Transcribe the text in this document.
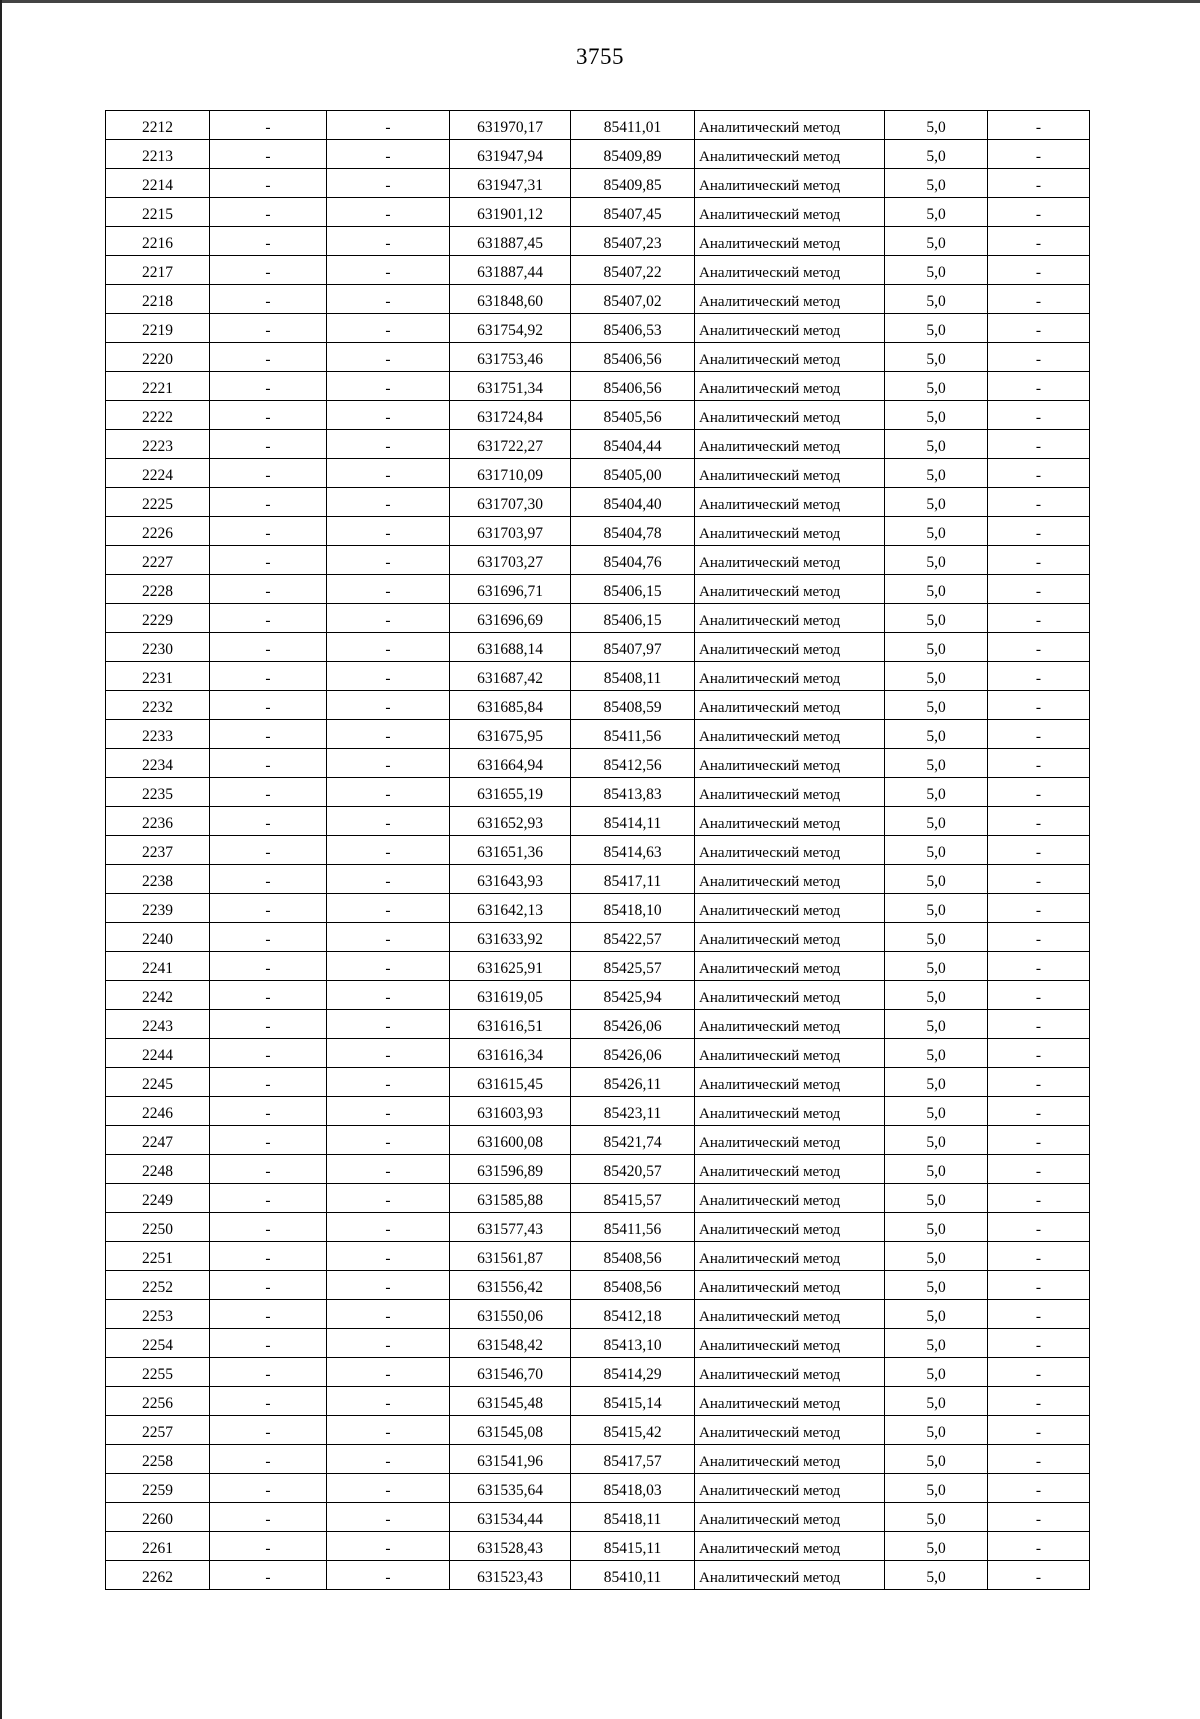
3755
2212	-	-	631970,17	85411,01	Аналитический метод	5,0	-
2213	-	-	631947,94	85409,89	Аналитический метод	5,0	-
2214	-	-	631947,31	85409,85	Аналитический метод	5,0	-
2215	-	-	631901,12	85407,45	Аналитический метод	5,0	-
2216	-	-	631887,45	85407,23	Аналитический метод	5,0	-
2217	-	-	631887,44	85407,22	Аналитический метод	5,0	-
2218	-	-	631848,60	85407,02	Аналитический метод	5,0	-
2219	-	-	631754,92	85406,53	Аналитический метод	5,0	-
2220	-	-	631753,46	85406,56	Аналитический метод	5,0	-
2221	-	-	631751,34	85406,56	Аналитический метод	5,0	-
2222	-	-	631724,84	85405,56	Аналитический метод	5,0	-
2223	-	-	631722,27	85404,44	Аналитический метод	5,0	-
2224	-	-	631710,09	85405,00	Аналитический метод	5,0	-
2225	-	-	631707,30	85404,40	Аналитический метод	5,0	-
2226	-	-	631703,97	85404,78	Аналитический метод	5,0	-
2227	-	-	631703,27	85404,76	Аналитический метод	5,0	-
2228	-	-	631696,71	85406,15	Аналитический метод	5,0	-
2229	-	-	631696,69	85406,15	Аналитический метод	5,0	-
2230	-	-	631688,14	85407,97	Аналитический метод	5,0	-
2231	-	-	631687,42	85408,11	Аналитический метод	5,0	-
2232	-	-	631685,84	85408,59	Аналитический метод	5,0	-
2233	-	-	631675,95	85411,56	Аналитический метод	5,0	-
2234	-	-	631664,94	85412,56	Аналитический метод	5,0	-
2235	-	-	631655,19	85413,83	Аналитический метод	5,0	-
2236	-	-	631652,93	85414,11	Аналитический метод	5,0	-
2237	-	-	631651,36	85414,63	Аналитический метод	5,0	-
2238	-	-	631643,93	85417,11	Аналитический метод	5,0	-
2239	-	-	631642,13	85418,10	Аналитический метод	5,0	-
2240	-	-	631633,92	85422,57	Аналитический метод	5,0	-
2241	-	-	631625,91	85425,57	Аналитический метод	5,0	-
2242	-	-	631619,05	85425,94	Аналитический метод	5,0	-
2243	-	-	631616,51	85426,06	Аналитический метод	5,0	-
2244	-	-	631616,34	85426,06	Аналитический метод	5,0	-
2245	-	-	631615,45	85426,11	Аналитический метод	5,0	-
2246	-	-	631603,93	85423,11	Аналитический метод	5,0	-
2247	-	-	631600,08	85421,74	Аналитический метод	5,0	-
2248	-	-	631596,89	85420,57	Аналитический метод	5,0	-
2249	-	-	631585,88	85415,57	Аналитический метод	5,0	-
2250	-	-	631577,43	85411,56	Аналитический метод	5,0	-
2251	-	-	631561,87	85408,56	Аналитический метод	5,0	-
2252	-	-	631556,42	85408,56	Аналитический метод	5,0	-
2253	-	-	631550,06	85412,18	Аналитический метод	5,0	-
2254	-	-	631548,42	85413,10	Аналитический метод	5,0	-
2255	-	-	631546,70	85414,29	Аналитический метод	5,0	-
2256	-	-	631545,48	85415,14	Аналитический метод	5,0	-
2257	-	-	631545,08	85415,42	Аналитический метод	5,0	-
2258	-	-	631541,96	85417,57	Аналитический метод	5,0	-
2259	-	-	631535,64	85418,03	Аналитический метод	5,0	-
2260	-	-	631534,44	85418,11	Аналитический метод	5,0	-
2261	-	-	631528,43	85415,11	Аналитический метод	5,0	-
2262	-	-	631523,43	85410,11	Аналитический метод	5,0	-
